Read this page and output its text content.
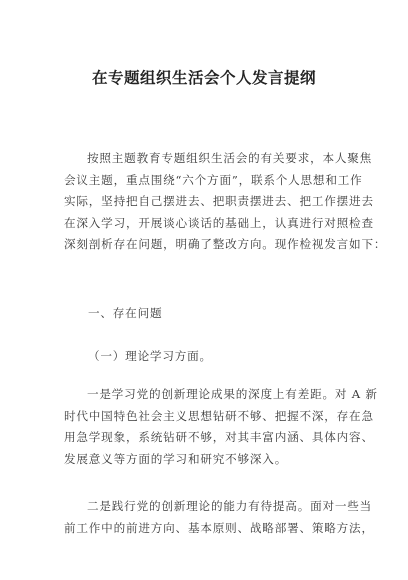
在专题组织生活会个人发言提纲
按照主题教育专题组织生活会的有关要求，本人聚焦
会议主题，重点围绕“六个方面”，联系个人思想和工作
实际，坚持把自己摆进去、把职责摆进去、把工作摆进去
在深入学习，开展谈心谈话的基础上，认真进行对照检查
深刻剖析存在问题，明确了整改方向。现作检视发言如下：
一、存在问题
（一）理论学习方面。
一是学习党的创新理论成果的深度上有差距。对 A 新
时代中国特色社会主义思想钻研不够、把握不深，存在急
用急学现象，系统钻研不够，对其丰富内涵、具体内容、
发展意义等方面的学习和研究不够深入。
二是践行党的创新理论的能力有待提高。面对一些当
前工作中的前进方向、基本原则、战略部署、策略方法，
